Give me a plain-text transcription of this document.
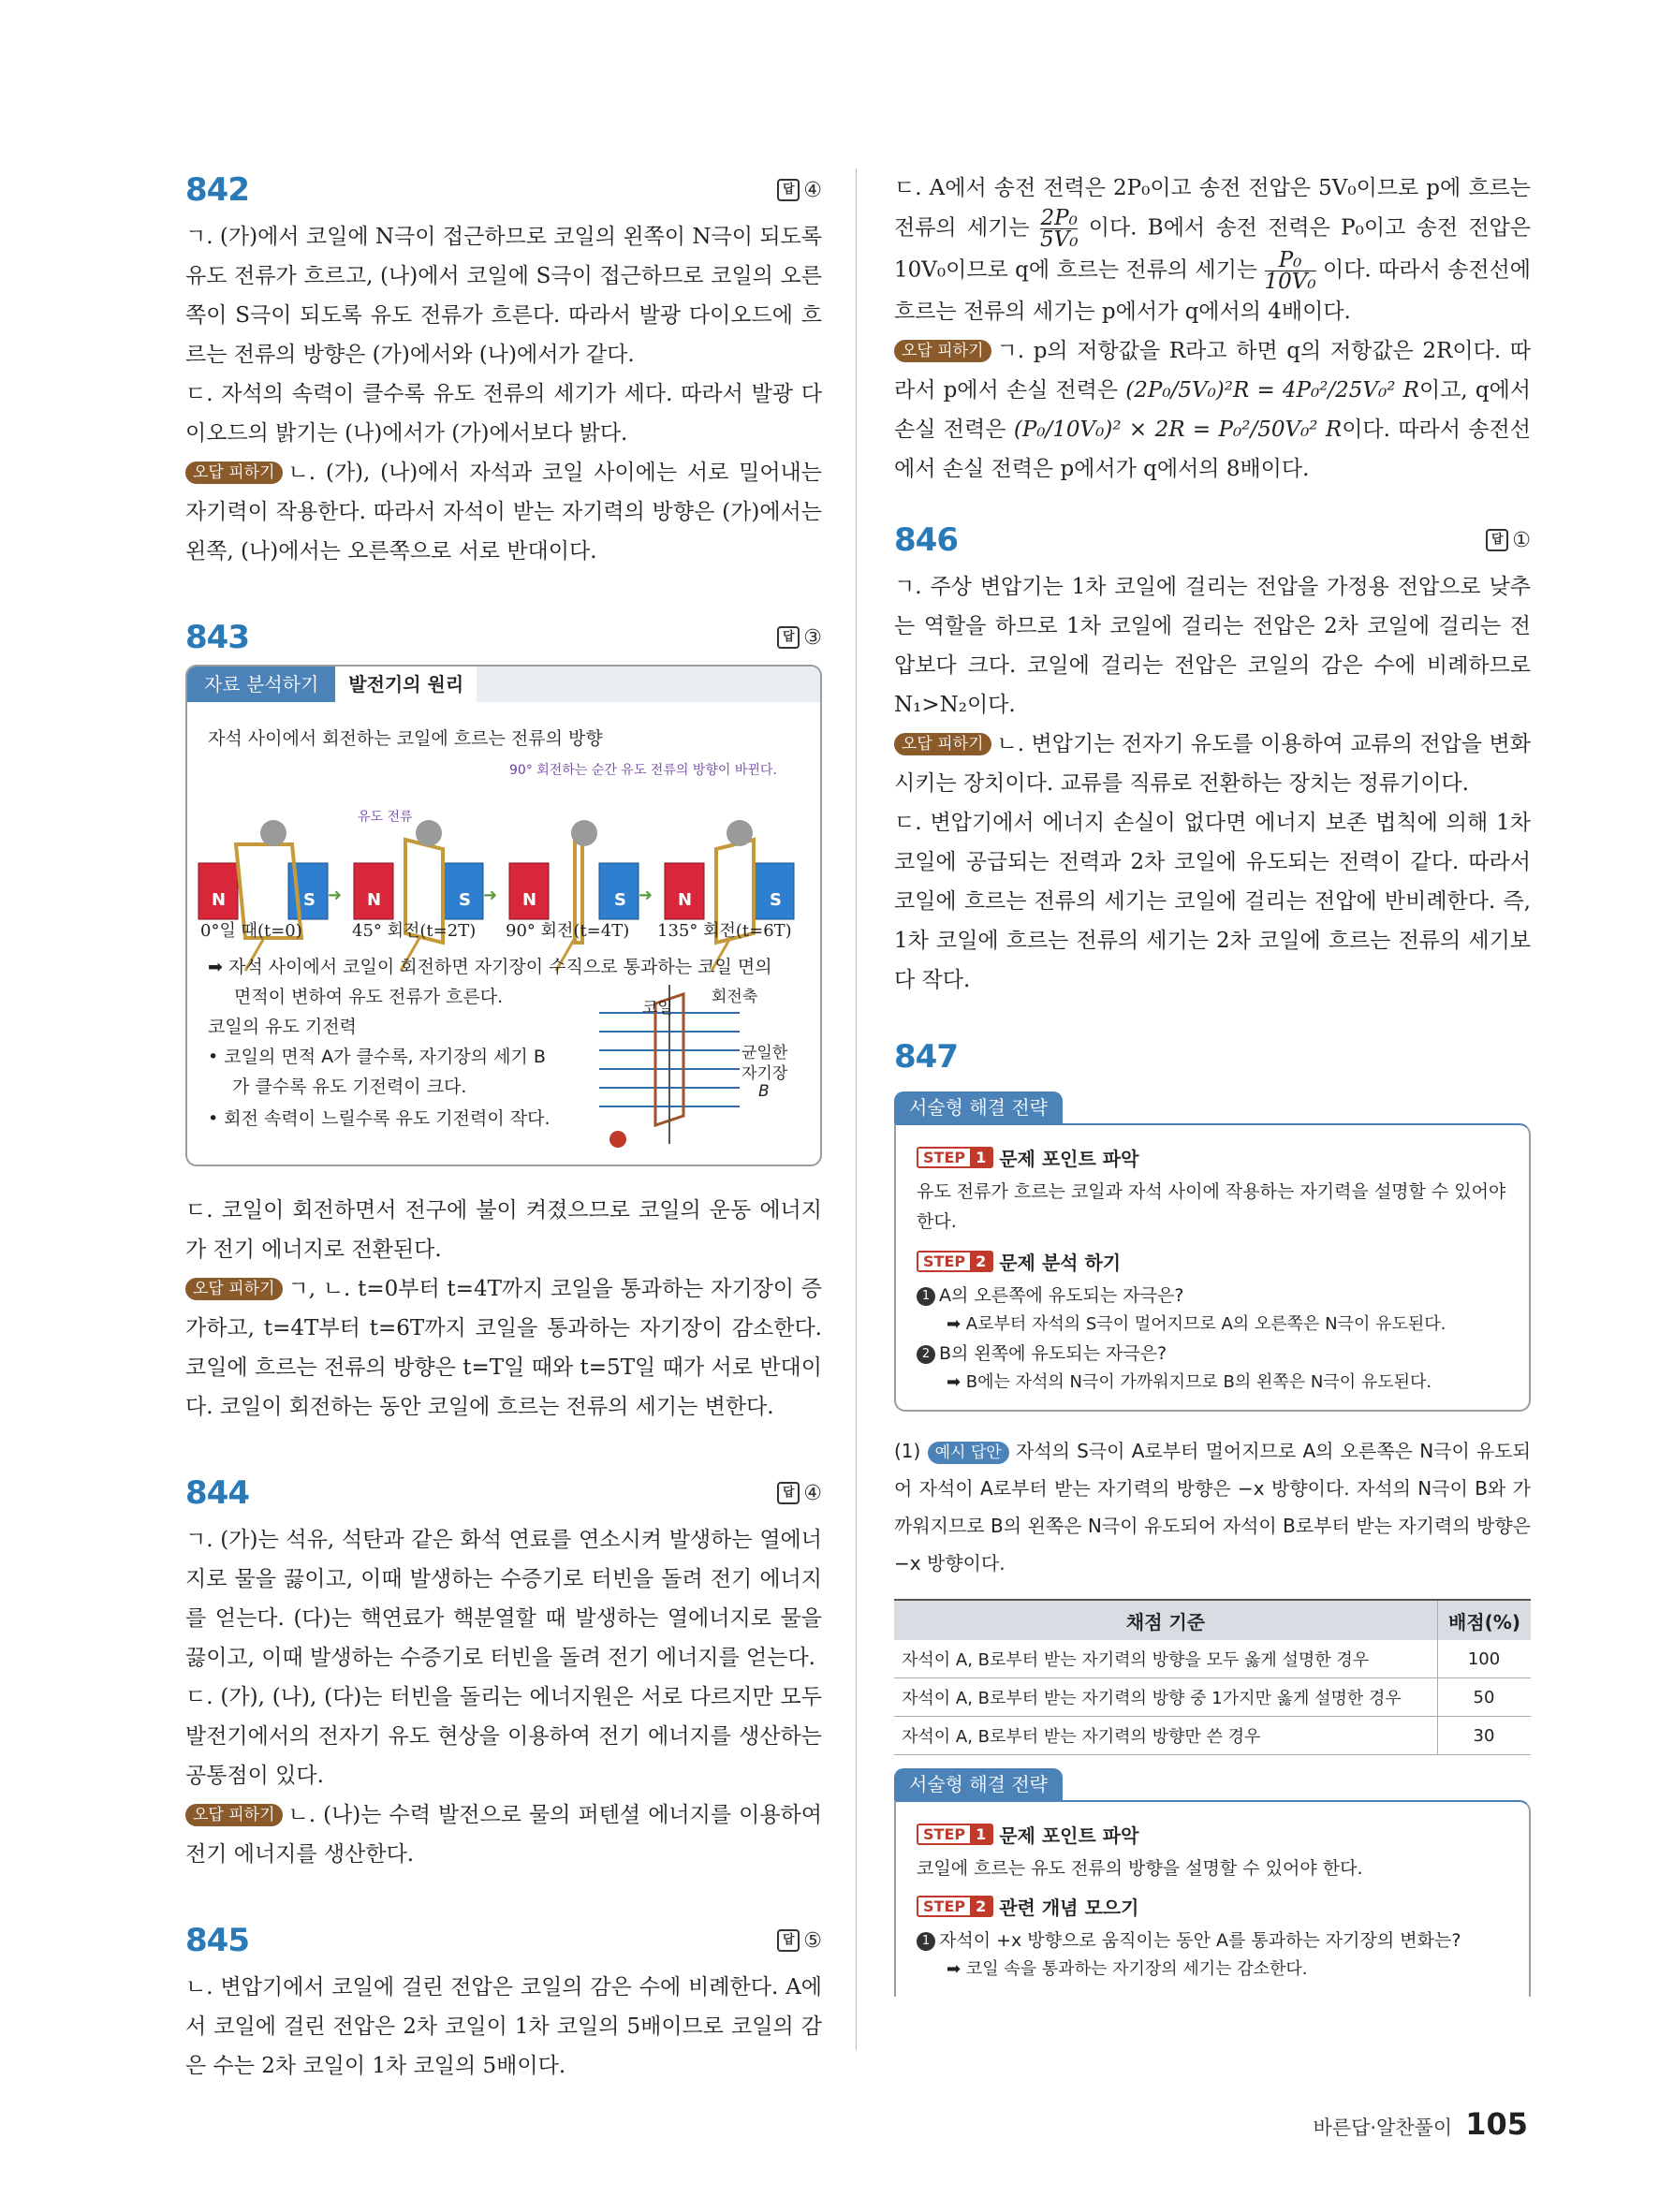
842	답 ④

ㄱ. (가)에서 코일에 N극이 접근하므로 코일의 왼쪽이 N극이 되도록 유도 전류가 흐르고, (나)에서 코일에 S극이 접근하므로 코일의 오른쪽이 S극이 되도록 유도 전류가 흐른다. 따라서 발광 다이오드에 흐르는 전류의 방향은 (가)에서와 (나)에서가 같다.

ㄷ. 자석의 속력이 클수록 유도 전류의 세기가 세다. 따라서 발광 다이오드의 밝기는 (나)에서가 (가)에서보다 밝다.

오답 피하기 ㄴ. (가), (나)에서 자석과 코일 사이에는 서로 밀어내는 자기력이 작용한다. 따라서 자석이 받는 자기력의 방향은 (가)에서는 왼쪽, (나)에서는 오른쪽으로 서로 반대이다.

843	답 ③
자료 분석하기	발전기의 원리
자석 사이에서 회전하는 코일에 흐르는 전류의 방향
90° 회전하는 순간 유도 전류의 방향이 바뀐다.
유도 전류
N	S ➜ N	S ➜ N	S ➜ N	S
0°일 때(t=0)	45° 회전(t=2T) 90° 회전(t=4T) 135° 회전(t=6T)
➡ 자석 사이에서 코일이 회전하면 자기장이 수직으로 통과하는 코일 면의
면적이 변하여 유도 전류가 흐른다.
코일의 유도 기전력
• 코일의 면적 A가 클수록, 자기장의 세기 B
가 클수록 유도 기전력이 크다.
• 회전 속력이 느릴수록 유도 기전력이 작다.
코일
회전축
균일한
자기장
B

ㄷ. 코일이 회전하면서 전구에 불이 켜졌으므로 코일의 운동 에너지가 전기 에너지로 전환된다.

오답 피하기 ㄱ, ㄴ. t=0부터 t=4T까지 코일을 통과하는 자기장이 증가하고, t=4T부터 t=6T까지 코일을 통과하는 자기장이 감소한다. 코일에 흐르는 전류의 방향은 t=T일 때와 t=5T일 때가 서로 반대이다. 코일이 회전하는 동안 코일에 흐르는 전류의 세기는 변한다.

844	답 ④

ㄱ. (가)는 석유, 석탄과 같은 화석 연료를 연소시켜 발생하는 열에너지로 물을 끓이고, 이때 발생하는 수증기로 터빈을 돌려 전기 에너지를 얻는다. (다)는 핵연료가 핵분열할 때 발생하는 열에너지로 물을 끓이고, 이때 발생하는 수증기로 터빈을 돌려 전기 에너지를 얻는다.

ㄷ. (가), (나), (다)는 터빈을 돌리는 에너지원은 서로 다르지만 모두 발전기에서의 전자기 유도 현상을 이용하여 전기 에너지를 생산하는 공통점이 있다.

오답 피하기 ㄴ. (나)는 수력 발전으로 물의 퍼텐셜 에너지를 이용하여 전기 에너지를 생산한다.

845	답 ⑤

ㄴ. 변압기에서 코일에 걸린 전압은 코일의 감은 수에 비례한다. A에서 코일에 걸린 전압은 2차 코일이 1차 코일의 5배이므로 코일의 감은 수는 2차 코일이 1차 코일의 5배이다.

ㄷ. A에서 송전 전력은 2P₀이고 송전 전압은 5V₀이므로 p에 흐르는 전류의 세기는 $\frac{\text{2P₀}}{\text{5V₀}}$ 이다. B에서 송전 전력은 P₀이고 송전 전압은 10V₀이므로 q에 흐르는 전류의 세기는 $\frac{\text{P₀}}{\text{10V₀}}$ 이다. 따라서 송전선에 흐르는 전류의 세기는 p에서가 q에서의 4배이다.

오답 피하기 ㄱ. p의 저항값을 R라고 하면 q의 저항값은 2R이다. 따라서 p에서 손실 전력은 (2P₀/5V₀)²R = 4P₀²/25V₀² R이고, q에서 손실 전력은 (P₀/10V₀)² × 2R = P₀²/50V₀² R이다. 따라서 송전선에서 손실 전력은 p에서가 q에서의 8배이다.

846	답 ①

ㄱ. 주상 변압기는 1차 코일에 걸리는 전압을 가정용 전압으로 낮추는 역할을 하므로 1차 코일에 걸리는 전압은 2차 코일에 걸리는 전압보다 크다. 코일에 걸리는 전압은 코일의 감은 수에 비례하므로 N₁>N₂이다.

오답 피하기 ㄴ. 변압기는 전자기 유도를 이용하여 교류의 전압을 변화시키는 장치이다. 교류를 직류로 전환하는 장치는 정류기이다.

ㄷ. 변압기에서 에너지 손실이 없다면 에너지 보존 법칙에 의해 1차 코일에 공급되는 전력과 2차 코일에 유도되는 전력이 같다. 따라서 코일에 흐르는 전류의 세기는 코일에 걸리는 전압에 반비례한다. 즉, 1차 코일에 흐르는 전류의 세기는 2차 코일에 흐르는 전류의 세기보다 작다.

847
서술형 해결 전략
STEP 1 문제 포인트 파악

유도 전류가 흐르는 코일과 자석 사이에 작용하는 자기력을 설명할 수 있어야 한다.

STEP 2 문제 분석 하기

1 A의 오른쪽에 유도되는 자극은?

➡ A로부터 자석의 S극이 멀어지므로 A의 오른쪽은 N극이 유도된다.

2 B의 왼쪽에 유도되는 자극은?

➡ B에는 자석의 N극이 가까워지므로 B의 왼쪽은 N극이 유도된다.

(1) 예시 답안 자석의 S극이 A로부터 멀어지므로 A의 오른쪽은 N극이 유도되어 자석이 A로부터 받는 자기력의 방향은 −x 방향이다. 자석의 N극이 B와 가까워지므로 B의 왼쪽은 N극이 유도되어 자석이 B로부터 받는 자기력의 방향은 −x 방향이다.

채점 기준	배점(%)
자석이 A, B로부터 받는 자기력의 방향을 모두 옳게 설명한 경우	100
자석이 A, B로부터 받는 자기력의 방향 중 1가지만 옳게 설명한 경우	50
자석이 A, B로부터 받는 자기력의 방향만 쓴 경우	30
서술형 해결 전략
STEP 1 문제 포인트 파악

코일에 흐르는 유도 전류의 방향을 설명할 수 있어야 한다.

STEP 2 관련 개념 모으기

1 자석이 +x 방향으로 움직이는 동안 A를 통과하는 자기장의 변화는?

➡ 코일 속을 통과하는 자기장의 세기는 감소한다.

바른답·알찬풀이 105
